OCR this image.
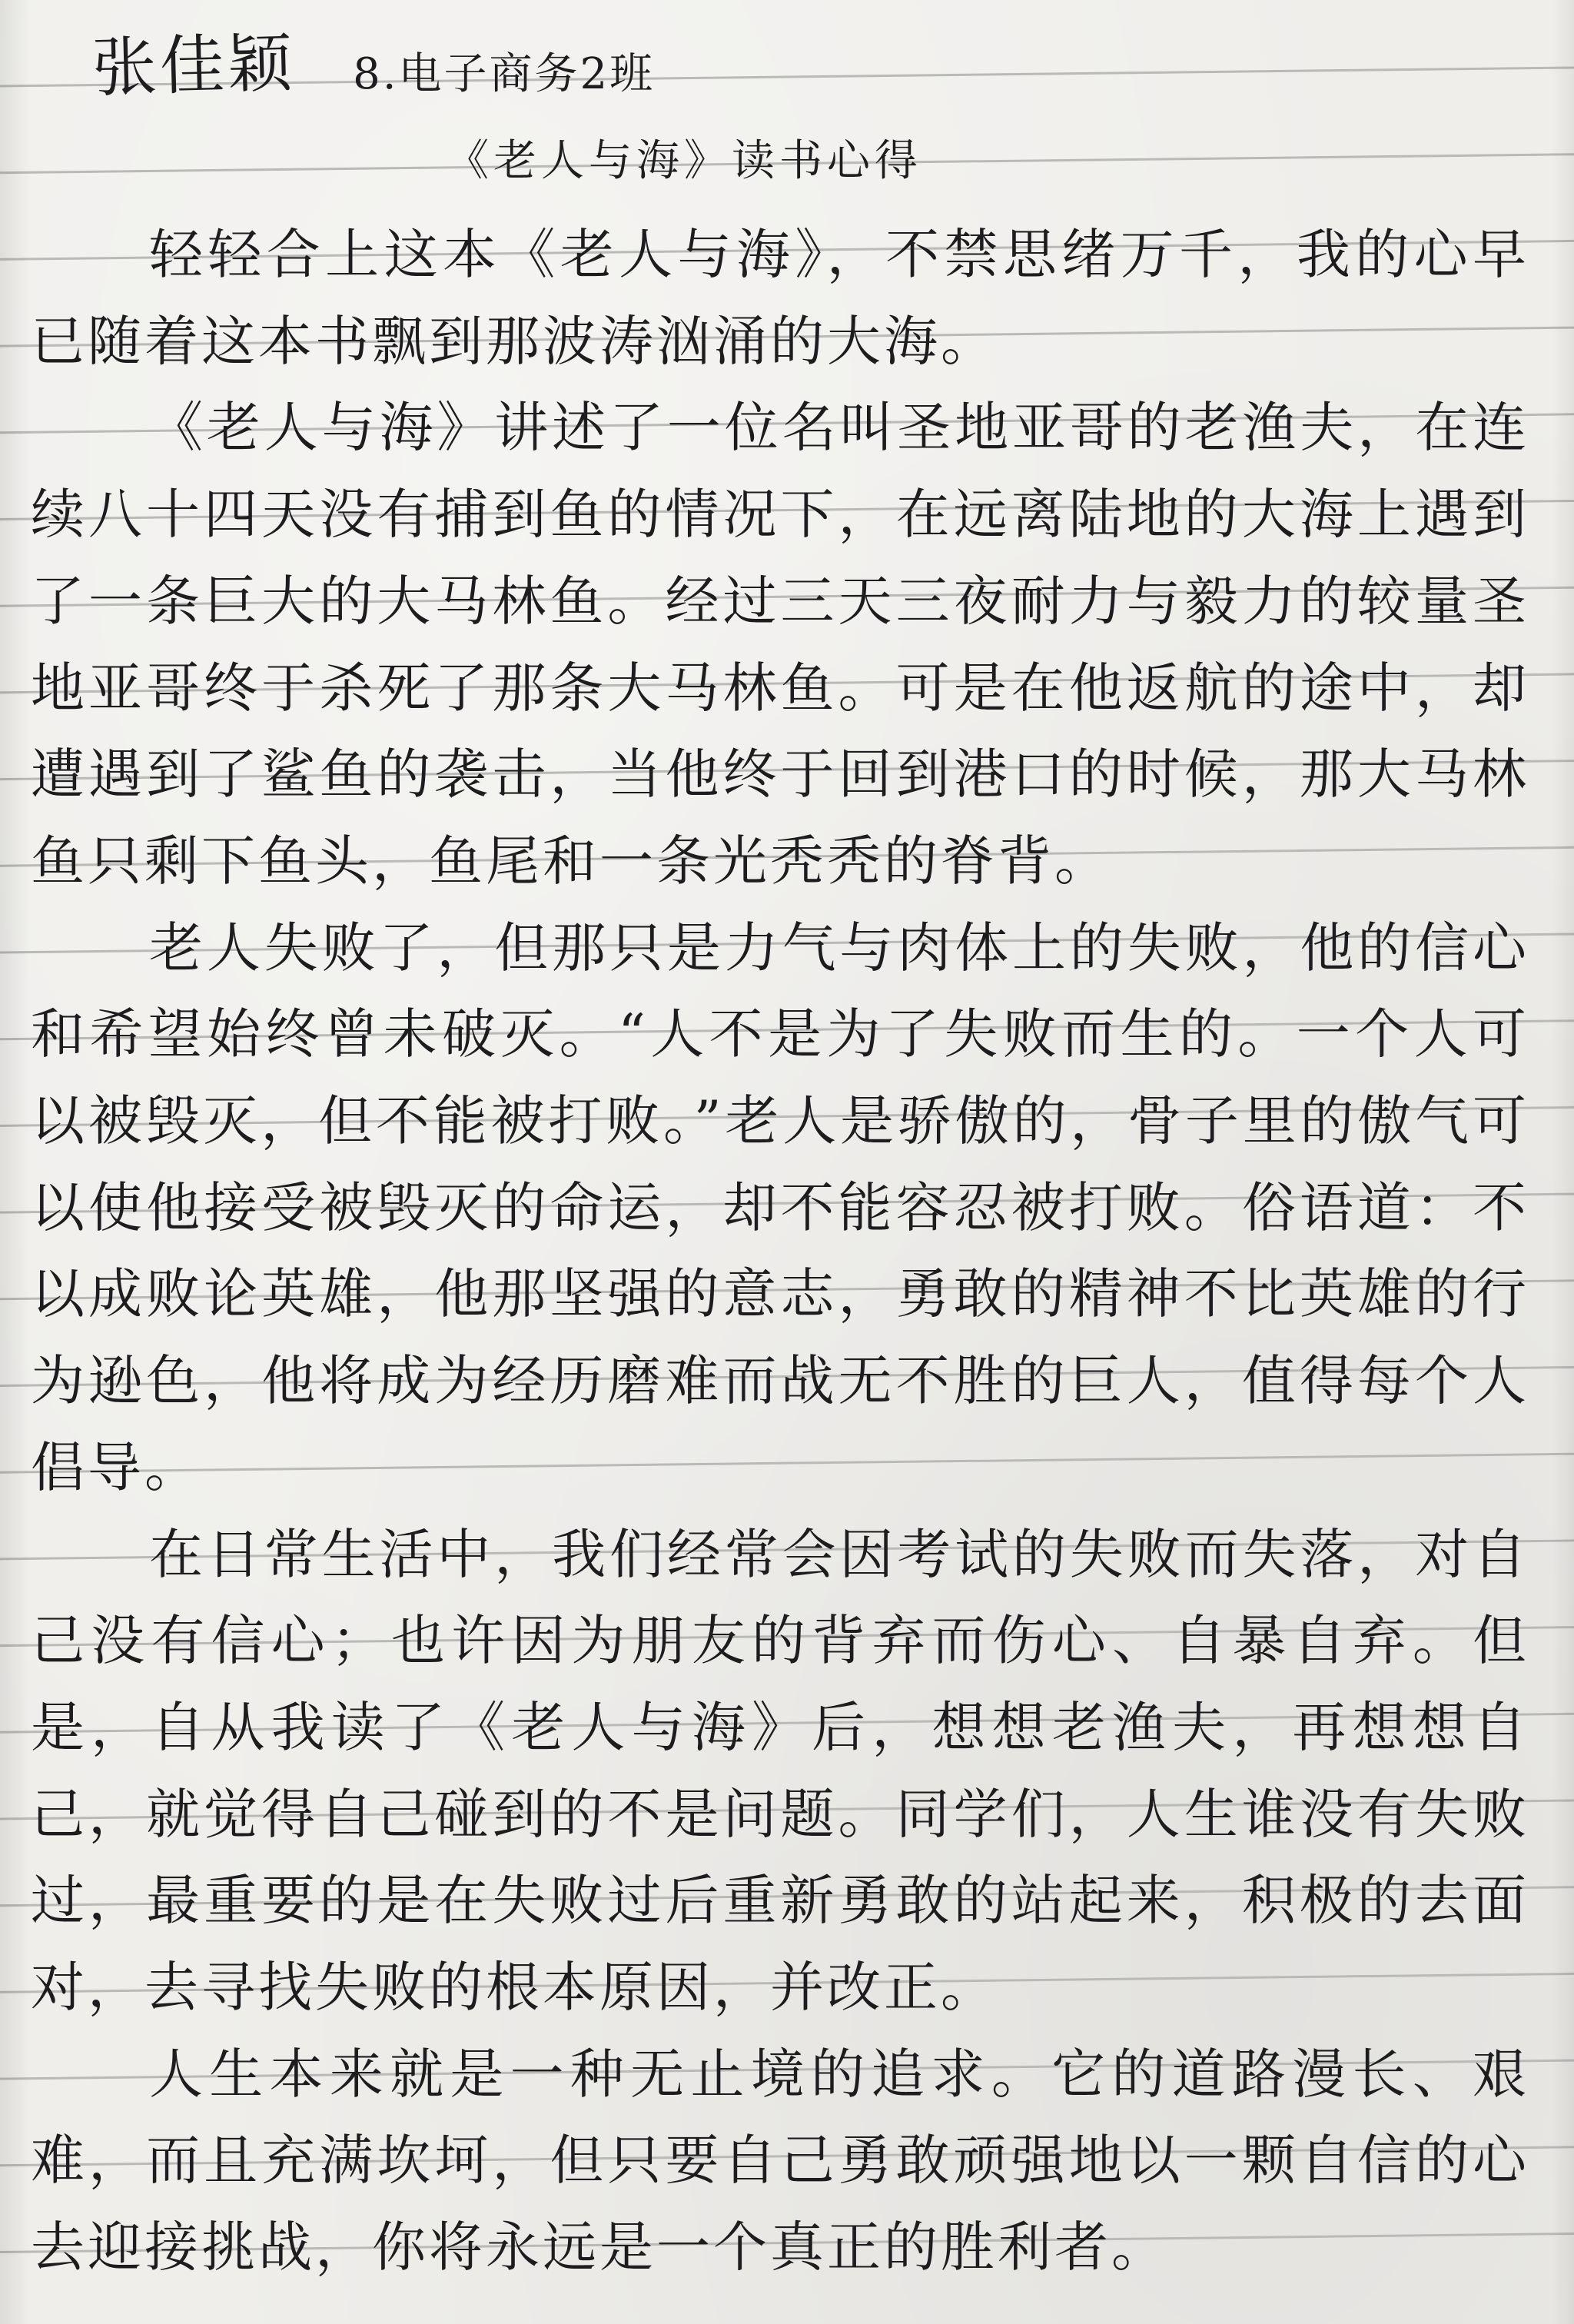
张佳颖 8.电子商务2班
《老人与海》读书心得

轻轻合上这本《老人与海》，不禁思绪万千，我的心早已随着这本书飘到那波涛汹涌的大海。

《老人与海》讲述了一位名叫圣地亚哥的老渔夫，在连续八十四天没有捕到鱼的情况下，在远离陆地的大海上遇到了一条巨大的大马林鱼。经过三天三夜耐力与毅力的较量圣地亚哥终于杀死了那条大马林鱼。可是在他返航的途中，却遭遇到了鲨鱼的袭击，当他终于回到港口的时候，那大马林鱼只剩下鱼头，鱼尾和一条光秃秃的脊背。

老人失败了，但那只是力气与肉体上的失败，他的信心和希望始终曾未破灭。“人不是为了失败而生的。一个人可以被毁灭，但不能被打败。”老人是骄傲的，骨子里的傲气可以使他接受被毁灭的命运，却不能容忍被打败。俗语道：不以成败论英雄，他那坚强的意志，勇敢的精神不比英雄的行为逊色，他将成为经历磨难而战无不胜的巨人，值得每个人倡导。

在日常生活中，我们经常会因考试的失败而失落，对自己没有信心；也许因为朋友的背弃而伤心、自暴自弃。但是，自从我读了《老人与海》后，想想老渔夫，再想想自己，就觉得自己碰到的不是问题。同学们，人生谁没有失败过，最重要的是在失败过后重新勇敢的站起来，积极的去面对，去寻找失败的根本原因，并改正。

人生本来就是一种无止境的追求。它的道路漫长、艰难，而且充满坎坷，但只要自己勇敢顽强地以一颗自信的心去迎接挑战，你将永远是一个真正的胜利者。
